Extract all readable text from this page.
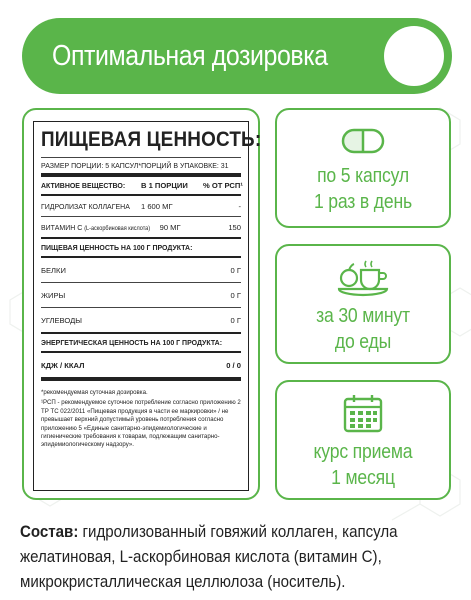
Оптимальная дозировка
ПИЩЕВАЯ ЦЕННОСТЬ:
РАЗМЕР ПОРЦИИ: 5 КАПСУЛ* ПОРЦИЙ В УПАКОВКЕ: 31
АКТИВНОЕ ВЕЩЕСТВО:	В 1 ПОРЦИИ	% ОТ РСП¹
ГИДРОЛИЗАТ КОЛЛАГЕНА	1 600 МГ	-
ВИТАМИН С (L-аскорбиновая кислота) 90 МГ	150
ПИЩЕВАЯ ЦЕННОСТЬ НА 100 Г ПРОДУКТА:
БЕЛКИ	0 Г
ЖИРЫ	0 Г
УГЛЕВОДЫ	0 Г
ЭНЕРГЕТИЧЕСКАЯ ЦЕННОСТЬ НА 100 Г ПРОДУКТА:
КДЖ / ККАЛ	0 / 0
*рекомендуемая суточная дозировка.
¹РСП - рекомендуемое суточное потребление согласно приложению 2 ТР ТС 022/2011 «Пищевая продукция в части ее маркировки» / не превышает верхний допустимый уровень потребления согласно приложению 5 «Единые санитарно-эпидемиологические и гигиенические требования к товарам, подлежащим санитарно-эпидемиологическому надзору».
по 5 капсул
1 раз в день
за 30 минут
до еды
курс приема
1 месяц
Состав: гидролизованный говяжий коллаген, капсула желатиновая, L-аскорбиновая кислота (витамин С), микрокристаллическая целлюлоза (носитель).
